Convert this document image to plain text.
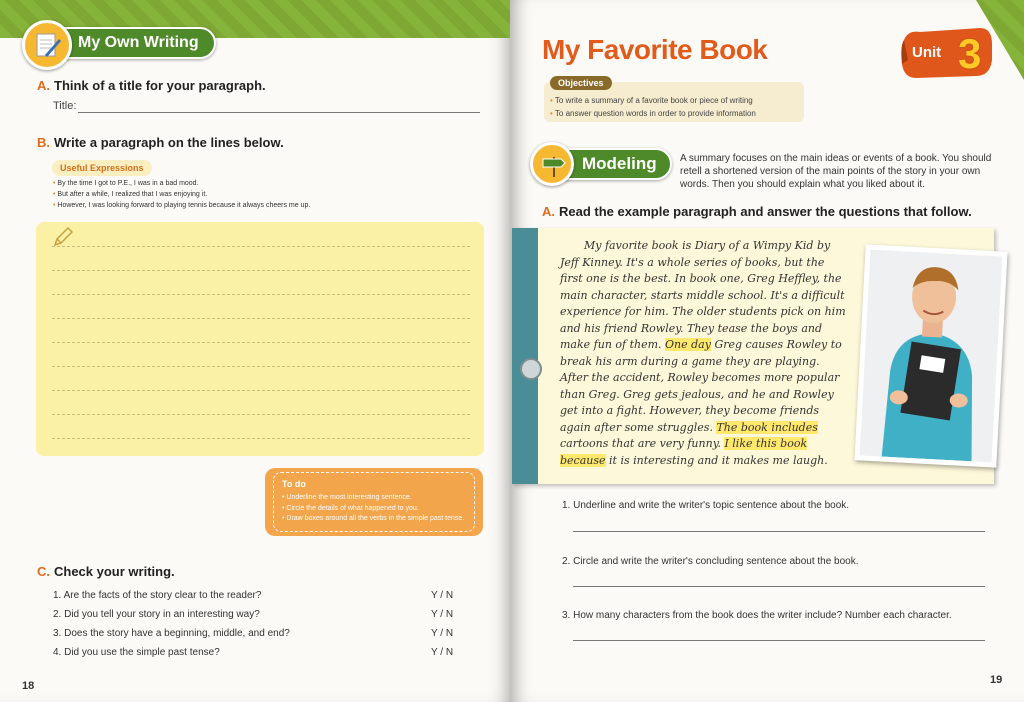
My Own Writing
A. Think of a title for your paragraph.
Title:
B. Write a paragraph on the lines below.
Useful Expressions
• By the time I got to P.E., I was in a bad mood.
• But after a while, I realized that I was enjoying it.
• However, I was looking forward to playing tennis because it always cheers me up.
To do
• Underline the most interesting sentence.
• Circle the details of what happened to you.
• Draw boxes around all the verbs in the simple past tense.
C. Check your writing.
1. Are the facts of the story clear to the reader?	Y / N
2. Did you tell your story in an interesting way?	Y / N
3. Does the story have a beginning, middle, and end?	Y / N
4. Did you use the simple past tense?	Y / N
18
My Favorite Book	Unit 3
Objectives
• To write a summary of a favorite book or piece of writing
• To answer question words in order to provide information
Modeling	A summary focuses on the main ideas or events of a book. You should retell a shortened version of the main points of the story in your own words. Then you should explain what you liked about it.
A. Read the example paragraph and answer the questions that follow.
My favorite book is Diary of a Wimpy Kid by Jeff Kinney. It's a whole series of books, but the first one is the best. In book one, Greg Heffley, the main character, starts middle school. It's a difficult experience for him. The older students pick on him and his friend Rowley. They tease the boys and make fun of them. One day Greg causes Rowley to break his arm during a game they are playing. After the accident, Rowley becomes more popular than Greg. Greg gets jealous, and he and Rowley get into a fight. However, they become friends again after some struggles. The book includes cartoons that are very funny. I like this book because it is interesting and it makes me laugh.
1. Underline and write the writer's topic sentence about the book.
2. Circle and write the writer's concluding sentence about the book.
3. How many characters from the book does the writer include? Number each character.
19
